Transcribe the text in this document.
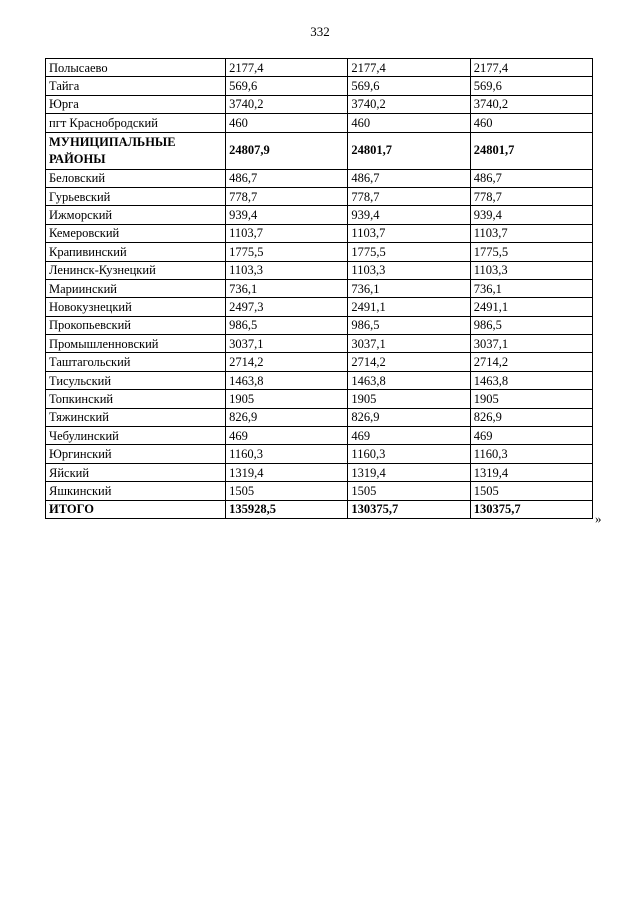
332
Полысаево	2177,4	2177,4	2177,4
Тайга	569,6	569,6	569,6
Юрга	3740,2	3740,2	3740,2
пгт Краснобродский	460	460	460
МУНИЦИПАЛЬНЫЕ РАЙОНЫ	24807,9	24801,7	24801,7
Беловский	486,7	486,7	486,7
Гурьевский	778,7	778,7	778,7
Ижморский	939,4	939,4	939,4
Кемеровский	1103,7	1103,7	1103,7
Крапивинский	1775,5	1775,5	1775,5
Ленинск-Кузнецкий	1103,3	1103,3	1103,3
Мариинский	736,1	736,1	736,1
Новокузнецкий	2497,3	2491,1	2491,1
Прокопьевский	986,5	986,5	986,5
Промышленновский	3037,1	3037,1	3037,1
Таштагольский	2714,2	2714,2	2714,2
Тисульский	1463,8	1463,8	1463,8
Топкинский	1905	1905	1905
Тяжинский	826,9	826,9	826,9
Чебулинский	469	469	469
Юргинский	1160,3	1160,3	1160,3
Яйский	1319,4	1319,4	1319,4
Яшкинский	1505	1505	1505
ИТОГО	135928,5	130375,7	130375,7
»
